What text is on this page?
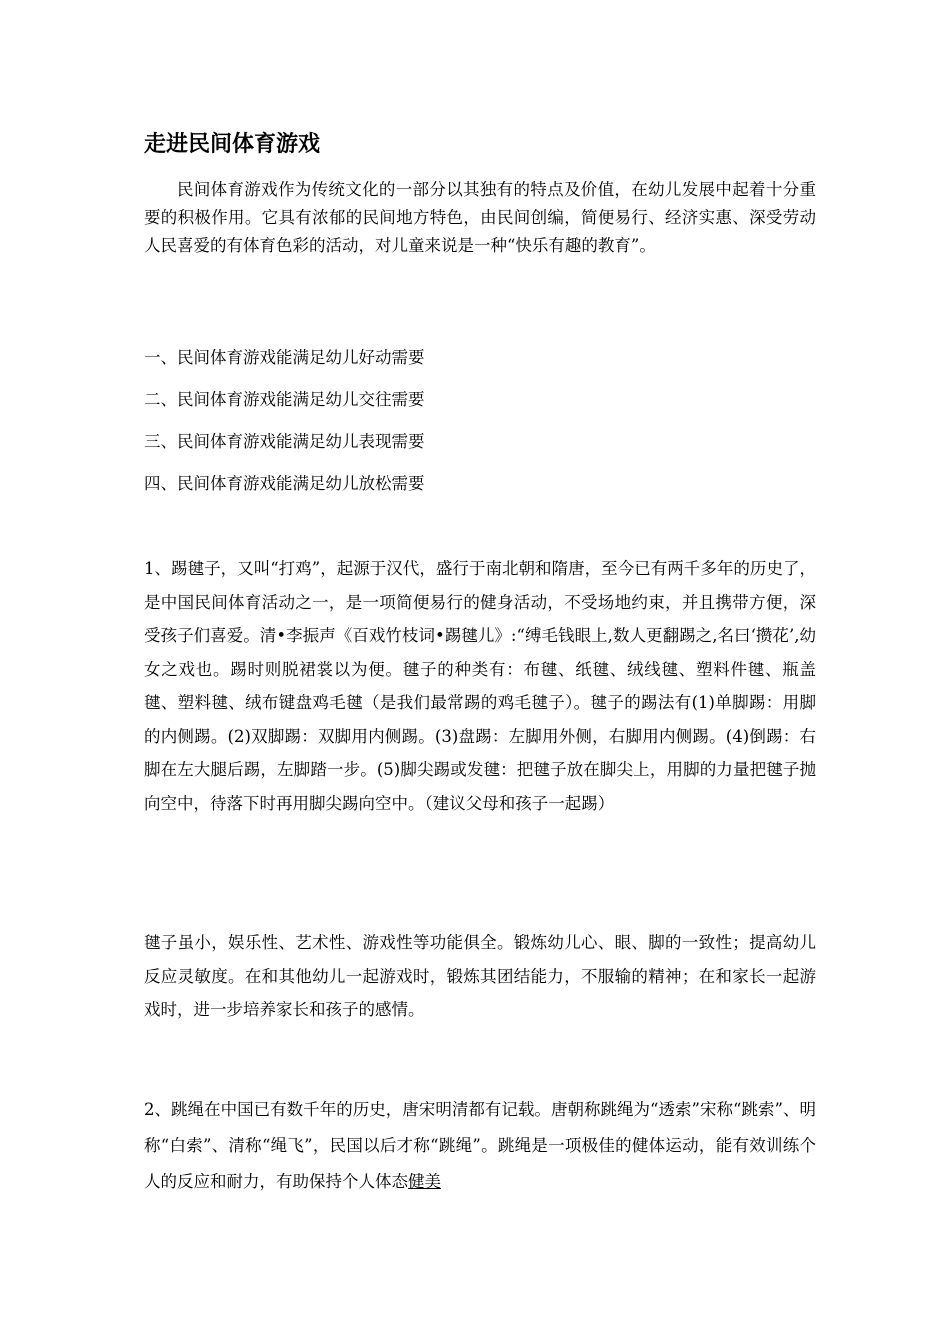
走进民间体育游戏
民间体育游戏作为传统文化的一部分以其独有的特点及价值，在幼儿发展中起着十分重要的积极作用。它具有浓郁的民间地方特色，由民间创编，简便易行、经济实惠、深受劳动人民喜爱的有体育色彩的活动，对儿童来说是一种“快乐有趣的教育”。
一、民间体育游戏能满足幼儿好动需要
二、民间体育游戏能满足幼儿交往需要
三、民间体育游戏能满足幼儿表现需要
四、民间体育游戏能满足幼儿放松需要
1、踢毽子，又叫“打鸡”，起源于汉代，盛行于南北朝和隋唐，至今已有两千多年的历史了，是中国民间体育活动之一，是一项简便易行的健身活动，不受场地约束，并且携带方便，深受孩子们喜爱。清•李振声《百戏竹枝词•踢毽儿》:“缚毛钱眼上,数人更翻踢之,名曰‘攒花’,幼女之戏也。踢时则脱裙裳以为便。毽子的种类有：布毽、纸毽、绒线毽、塑料件毽、瓶盖毽、塑料毽、绒布键盘鸡毛毽（是我们最常踢的鸡毛毽子）。毽子的踢法有(1)单脚踢：用脚的内侧踢。(2)双脚踢：双脚用内侧踢。(3)盘踢：左脚用外侧，右脚用内侧踢。(4)倒踢：右脚在左大腿后踢，左脚踏一步。(5)脚尖踢或发毽：把毽子放在脚尖上，用脚的力量把毽子抛向空中，待落下时再用脚尖踢向空中。（建议父母和孩子一起踢）
毽子虽小，娱乐性、艺术性、游戏性等功能俱全。锻炼幼儿心、眼、脚的一致性；提高幼儿反应灵敏度。在和其他幼儿一起游戏时，锻炼其团结能力，不服输的精神；在和家长一起游戏时，进一步培养家长和孩子的感情。
2、跳绳在中国已有数千年的历史，唐宋明清都有记载。唐朝称跳绳为“透索”宋称“跳索”、明称“白索”、清称“绳飞”，民国以后才称“跳绳”。跳绳是一项极佳的健体运动，能有效训练个人的反应和耐力，有助保持个人体态健美
